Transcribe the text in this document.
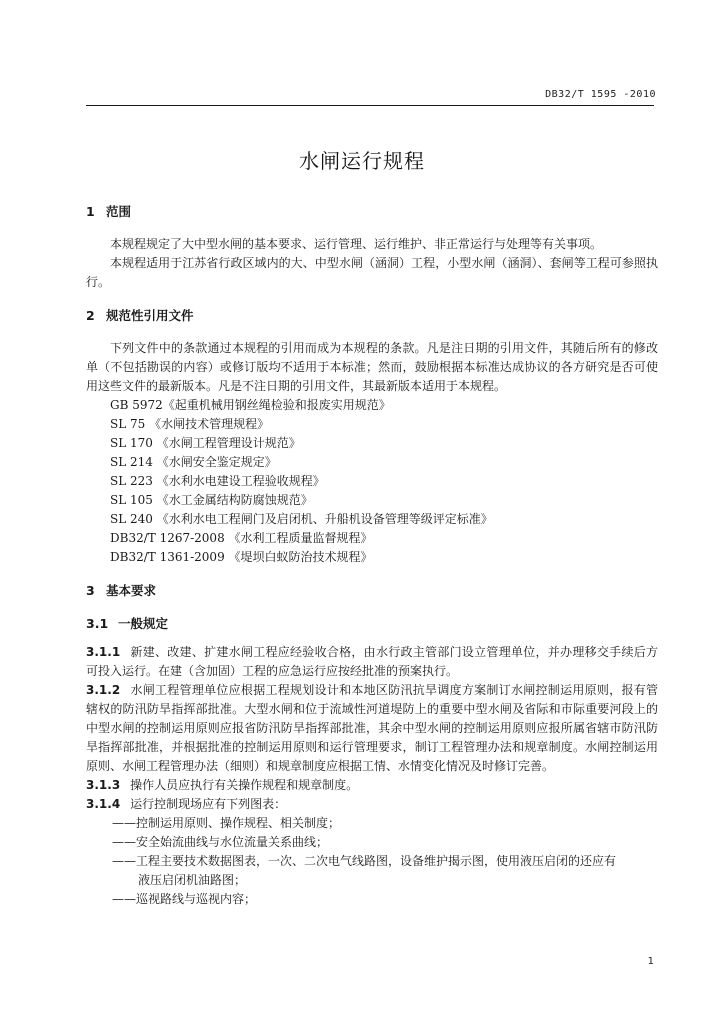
DB32/T 1595 -2010
水闸运行规程
1 范围

本规程规定了大中型水闸的基本要求、运行管理、运行维护、非正常运行与处理等有关事项。

本规程适用于江苏省行政区域内的大、中型水闸（涵洞）工程，小型水闸（涵洞）、套闸等工程可参照执行。

2 规范性引用文件

下列文件中的条款通过本规程的引用而成为本规程的条款。凡是注日期的引用文件，其随后所有的修改单（不包括勘误的内容）或修订版均不适用于本标准；然而，鼓励根据本标准达成协议的各方研究是否可使用这些文件的最新版本。凡是不注日期的引用文件，其最新版本适用于本规程。

GB 5972《起重机械用钢丝绳检验和报废实用规范》
SL 75 《水闸技术管理规程》
SL 170 《水闸工程管理设计规范》
SL 214 《水闸安全鉴定规定》
SL 223 《水利水电建设工程验收规程》
SL 105 《水工金属结构防腐蚀规范》
SL 240 《水利水电工程闸门及启闭机、升船机设备管理等级评定标准》
DB32/T 1267-2008 《水利工程质量监督规程》
DB32/T 1361-2009 《堤坝白蚁防治技术规程》
3 基本要求
3.1 一般规定

3.1.1 新建、改建、扩建水闸工程应经验收合格，由水行政主管部门设立管理单位，并办理移交手续后方可投入运行。在建（含加固）工程的应急运行应按经批准的预案执行。

3.1.2 水闸工程管理单位应根据工程规划设计和本地区防汛抗旱调度方案制订水闸控制运用原则，报有管辖权的防汛防旱指挥部批准。大型水闸和位于流域性河道堤防上的重要中型水闸及省际和市际重要河段上的中型水闸的控制运用原则应报省防汛防旱指挥部批准，其余中型水闸的控制运用原则应报所属省辖市防汛防旱指挥部批准，并根据批准的控制运用原则和运行管理要求，制订工程管理办法和规章制度。水闸控制运用原则、水闸工程管理办法（细则）和规章制度应根据工情、水情变化情况及时修订完善。

3.1.3 操作人员应执行有关操作规程和规章制度。

3.1.4 运行控制现场应有下列图表：

——控制运用原则、操作规程、相关制度；
——安全始流曲线与水位流量关系曲线；
——工程主要技术数据图表，一次、二次电气线路图，设备维护揭示图，使用液压启闭的还应有
液压启闭机油路图；
——巡视路线与巡视内容；
1
